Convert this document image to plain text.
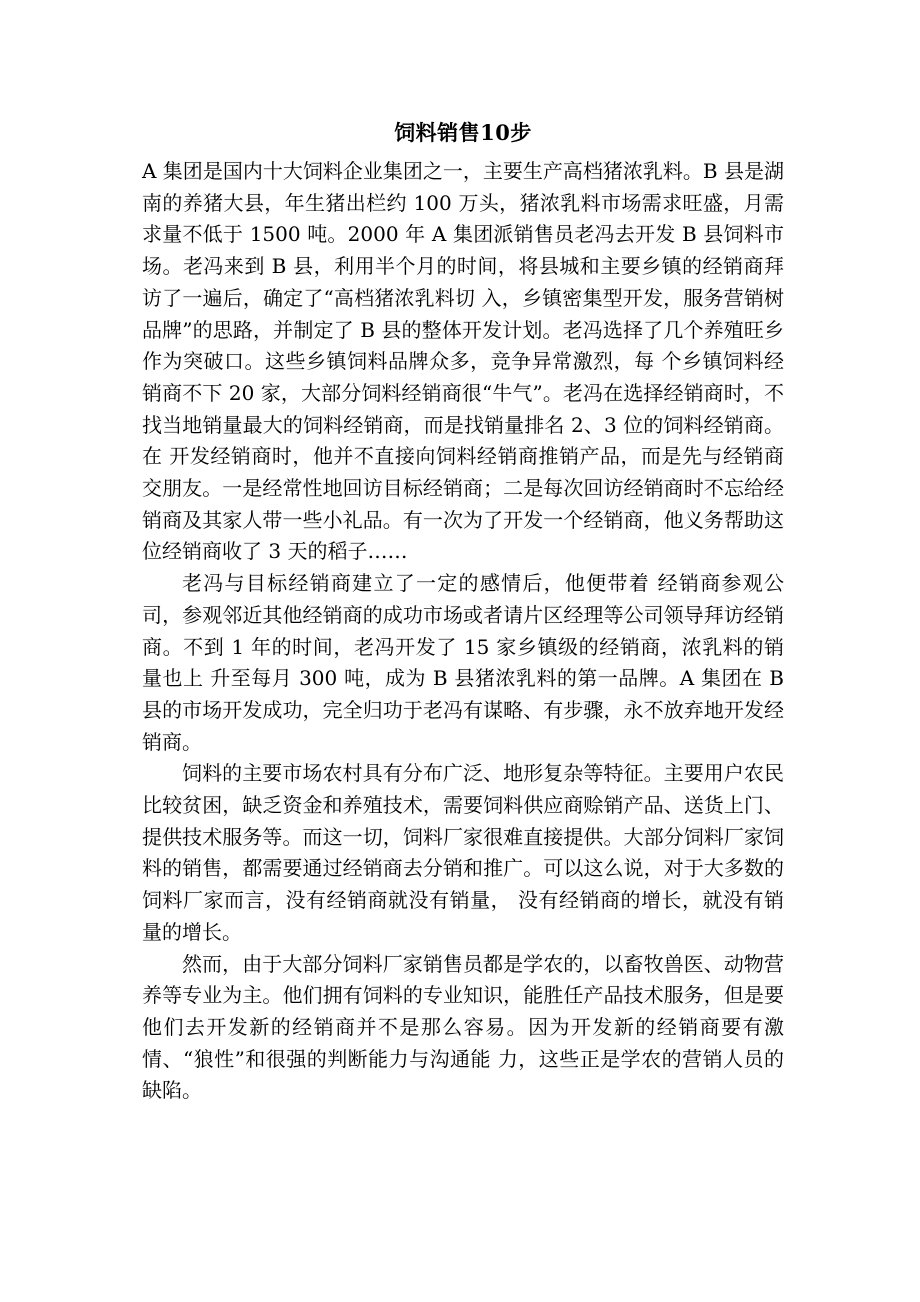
饲料销售10步

A 集团是国内十大饲料企业集团之一，主要生产高档猪浓乳料。B 县是湖南的养猪大县，年生猪出栏约 100 万头，猪浓乳料市场需求旺盛，月需求量不低于 1500 吨。2000 年 A 集团派销售员老冯去开发 B 县饲料市场。老冯来到 B 县，利用半个月的时间，将县城和主要乡镇的经销商拜访了一遍后，确定了“高档猪浓乳料切 入，乡镇密集型开发，服务营销树品牌”的思路，并制定了 B 县的整体开发计划。老冯选择了几个养殖旺乡作为突破口。这些乡镇饲料品牌众多，竞争异常激烈，每 个乡镇饲料经销商不下 20 家，大部分饲料经销商很“牛气”。老冯在选择经销商时，不找当地销量最大的饲料经销商，而是找销量排名 2、3 位的饲料经销商。在 开发经销商时，他并不直接向饲料经销商推销产品，而是先与经销商交朋友。一是经常性地回访目标经销商；二是每次回访经销商时不忘给经销商及其家人带一些小礼品。有一次为了开发一个经销商，他义务帮助这位经销商收了 3 天的稻子……

老冯与目标经销商建立了一定的感情后，他便带着 经销商参观公司，参观邻近其他经销商的成功市场或者请片区经理等公司领导拜访经销商。不到 1 年的时间，老冯开发了 15 家乡镇级的经销商，浓乳料的销量也上 升至每月 300 吨，成为 B 县猪浓乳料的第一品牌。A 集团在 B 县的市场开发成功，完全归功于老冯有谋略、有步骤，永不放弃地开发经销商。

饲料的主要市场农村具有分布广泛、地形复杂等特征。主要用户农民比较贫困，缺乏资金和养殖技术，需要饲料供应商赊销产品、送货上门、提供技术服务等。而这一切，饲料厂家很难直接提供。大部分饲料厂家饲料的销售，都需要通过经销商去分销和推广。可以这么说，对于大多数的饲料厂家而言，没有经销商就没有销量， 没有经销商的增长，就没有销量的增长。

然而，由于大部分饲料厂家销售员都是学农的，以畜牧兽医、动物营养等专业为主。他们拥有饲料的专业知识，能胜任产品技术服务，但是要他们去开发新的经销商并不是那么容易。因为开发新的经销商要有激情、“狼性”和很强的判断能力与沟通能 力，这些正是学农的营销人员的缺陷。
